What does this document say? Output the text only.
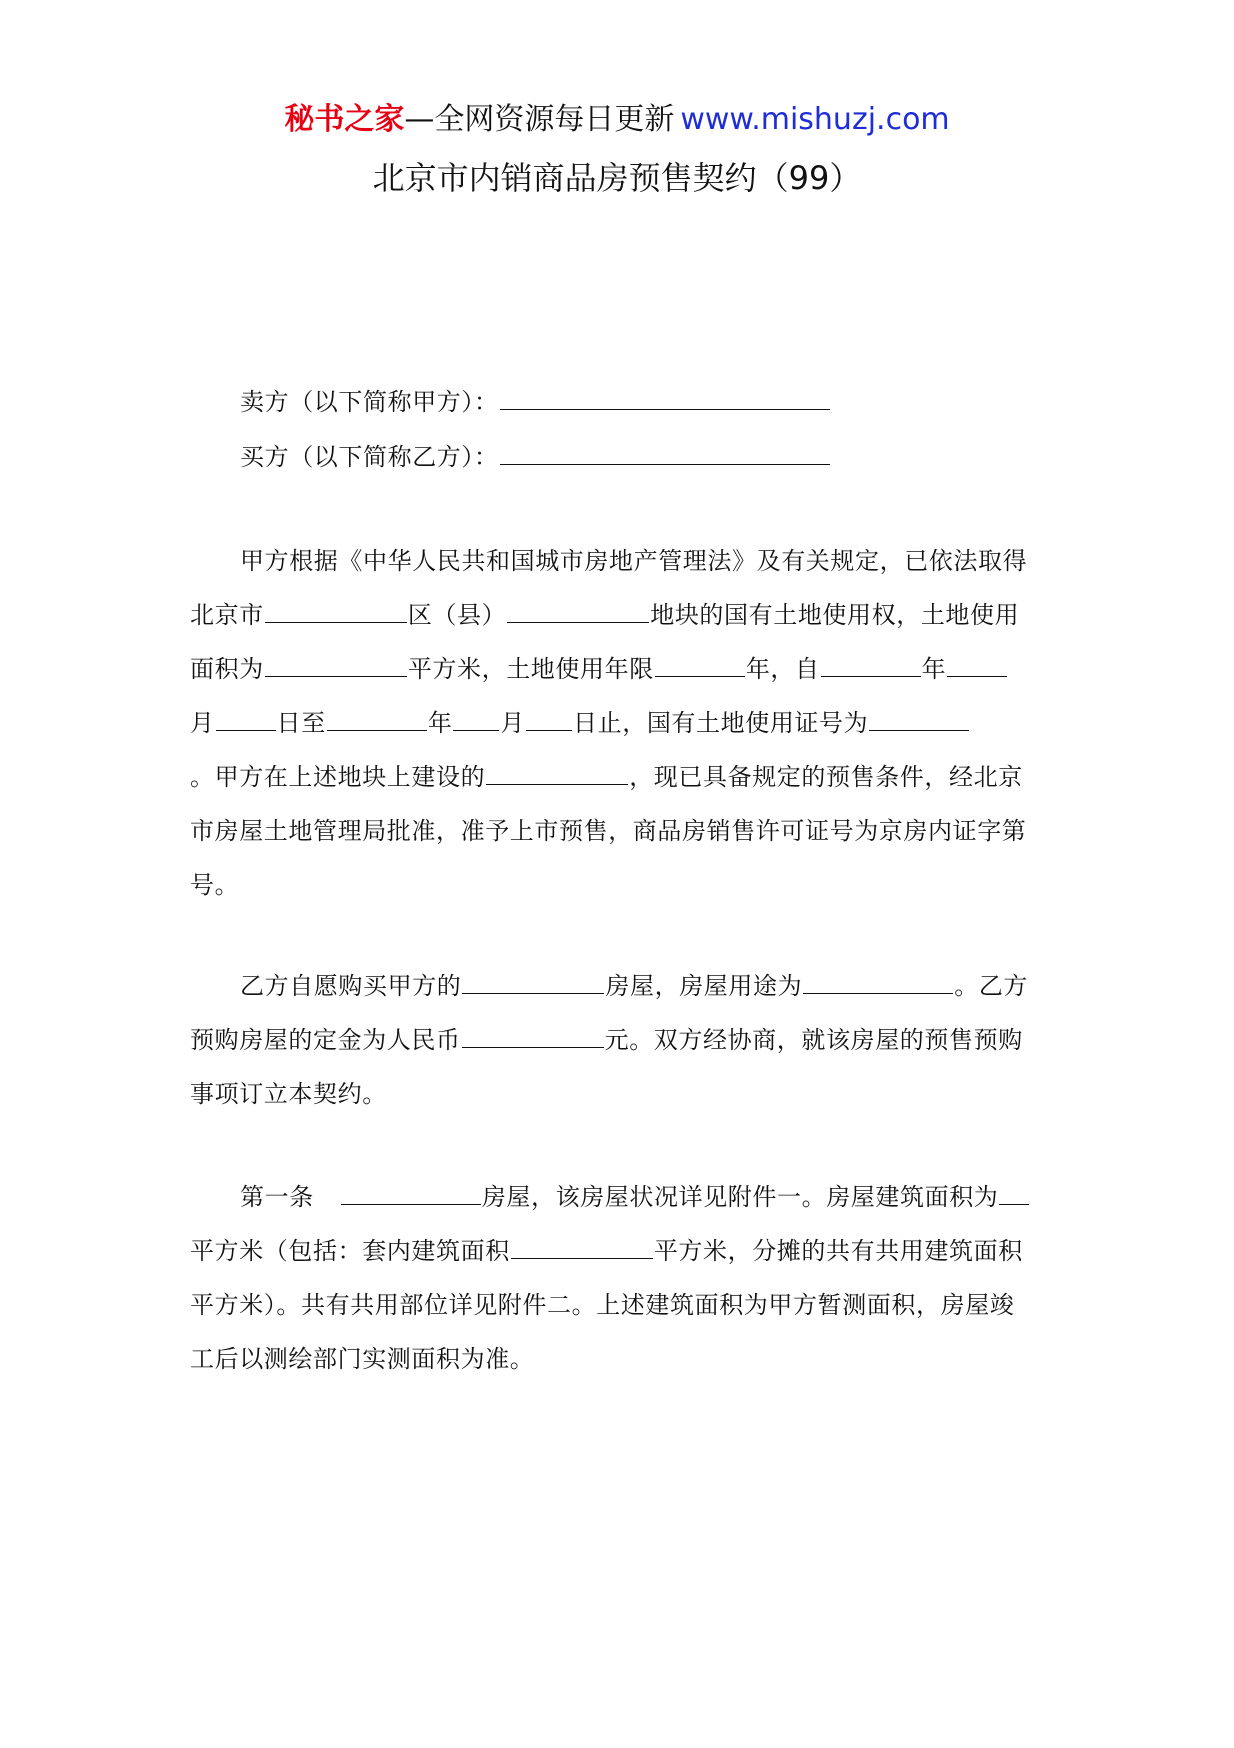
秘书之家—全网资源每日更新 www.mishuzj.com
北京市内销商品房预售契约（99）
卖方（以下简称甲方）：
买方（以下简称乙方）：
甲方根据《中华人民共和国城市房地产管理法》及有关规定，已依法取得
北京市	区（县）	地块的国有土地使用权，土地使用
面积为	平方米，土地使用年限	年，自	年
月	日至	年 月 日止，国有土地使用证号为
。甲方在上述地块上建设的	，现已具备规定的预售条件，经北京
市房屋土地管理局批准，准予上市预售，商品房销售许可证号为京房内证字第
号。
乙方自愿购买甲方的	房屋，房屋用途为	。乙方
预购房屋的定金为人民币	元。双方经协商，就该房屋的预售预购
事项订立本契约。
第一条	房屋，该房屋状况详见附件一。房屋建筑面积为
平方米（包括：套内建筑面积	平方米，分摊的共有共用建筑面积
平方米）。共有共用部位详见附件二。上述建筑面积为甲方暂测面积，房屋竣
工后以测绘部门实测面积为准。
